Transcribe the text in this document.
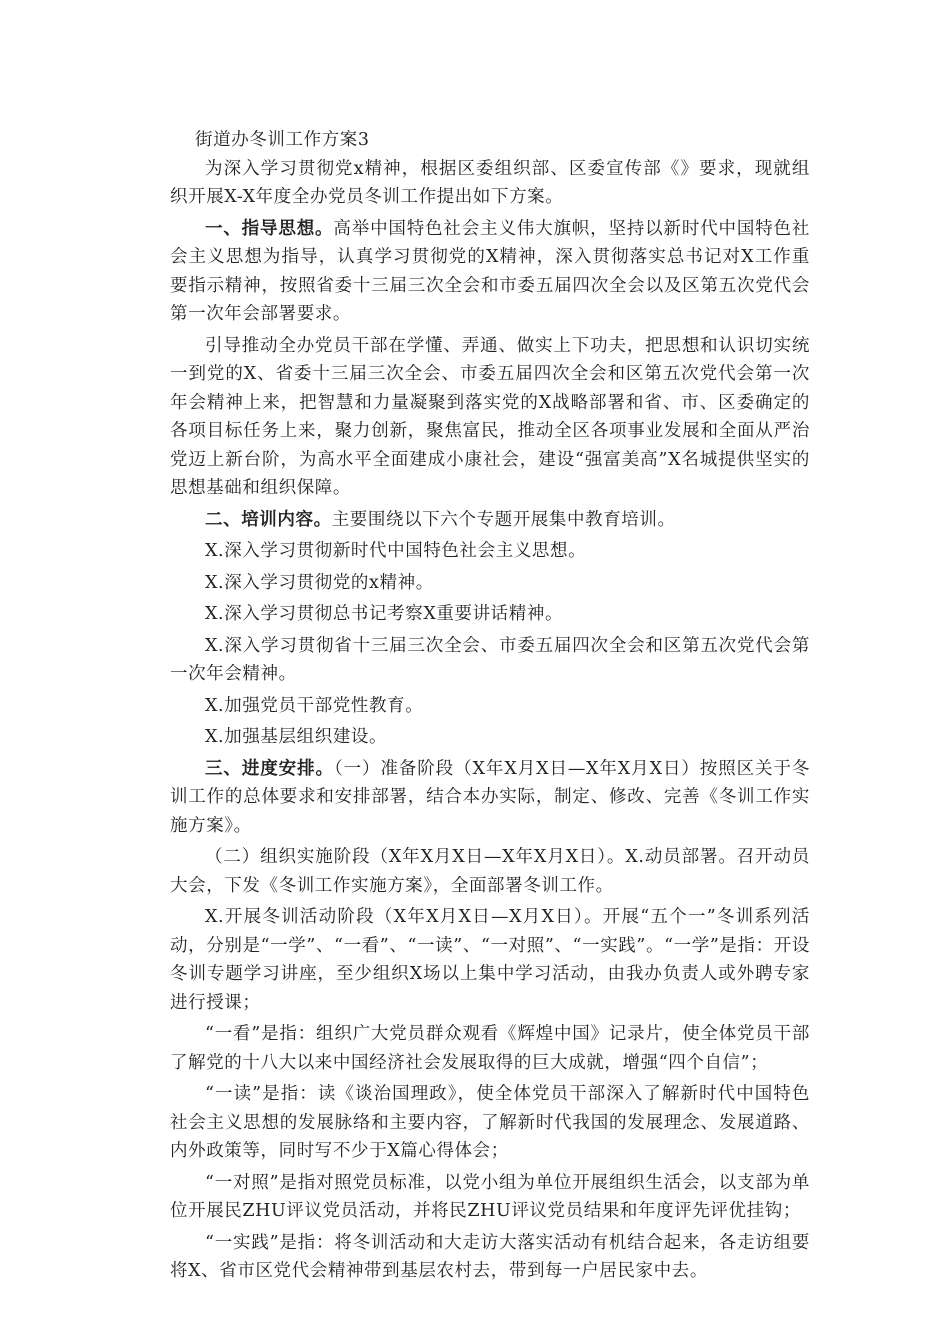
街道办冬训工作方案3

为深入学习贯彻党x精神，根据区委组织部、区委宣传部《》要求，现就组织开展X-X年度全办党员冬训工作提出如下方案。

一、指导思想。高举中国特色社会主义伟大旗帜，坚持以新时代中国特色社会主义思想为指导，认真学习贯彻党的X精神，深入贯彻落实总书记对X工作重要指示精神，按照省委十三届三次全会和市委五届四次全会以及区第五次党代会第一次年会部署要求。

引导推动全办党员干部在学懂、弄通、做实上下功夫，把思想和认识切实统一到党的X、省委十三届三次全会、市委五届四次全会和区第五次党代会第一次年会精神上来，把智慧和力量凝聚到落实党的X战略部署和省、市、区委确定的各项目标任务上来，聚力创新，聚焦富民，推动全区各项事业发展和全面从严治党迈上新台阶，为高水平全面建成小康社会，建设“强富美高”X名城提供坚实的思想基础和组织保障。

二、培训内容。主要围绕以下六个专题开展集中教育培训。

X.深入学习贯彻新时代中国特色社会主义思想。

X.深入学习贯彻党的x精神。

X.深入学习贯彻总书记考察X重要讲话精神。

X.深入学习贯彻省十三届三次全会、市委五届四次全会和区第五次党代会第一次年会精神。

X.加强党员干部党性教育。

X.加强基层组织建设。

三、进度安排。（一）准备阶段（X年X月X日—X年X月X日）按照区关于冬训工作的总体要求和安排部署，结合本办实际，制定、修改、完善《冬训工作实施方案》。

（二）组织实施阶段（X年X月X日—X年X月X日）。X.动员部署。召开动员大会，下发《冬训工作实施方案》，全面部署冬训工作。

X.开展冬训活动阶段（X年X月X日—X月X日）。开展“五个一”冬训系列活动，分别是“一学”、“一看”、“一读”、“一对照”、“一实践”。“一学”是指：开设冬训专题学习讲座，至少组织X场以上集中学习活动，由我办负责人或外聘专家进行授课；

“一看”是指：组织广大党员群众观看《辉煌中国》记录片，使全体党员干部了解党的十八大以来中国经济社会发展取得的巨大成就，增强“四个自信”；

“一读”是指：读《谈治国理政》，使全体党员干部深入了解新时代中国特色社会主义思想的发展脉络和主要内容，了解新时代我国的发展理念、发展道路、内外政策等，同时写不少于X篇心得体会；

“一对照”是指对照党员标准，以党小组为单位开展组织生活会，以支部为单位开展民ZHU评议党员活动，并将民ZHU评议党员结果和年度评先评优挂钩；

“一实践”是指：将冬训活动和大走访大落实活动有机结合起来，各走访组要将X、省市区党代会精神带到基层农村去，带到每一户居民家中去。
